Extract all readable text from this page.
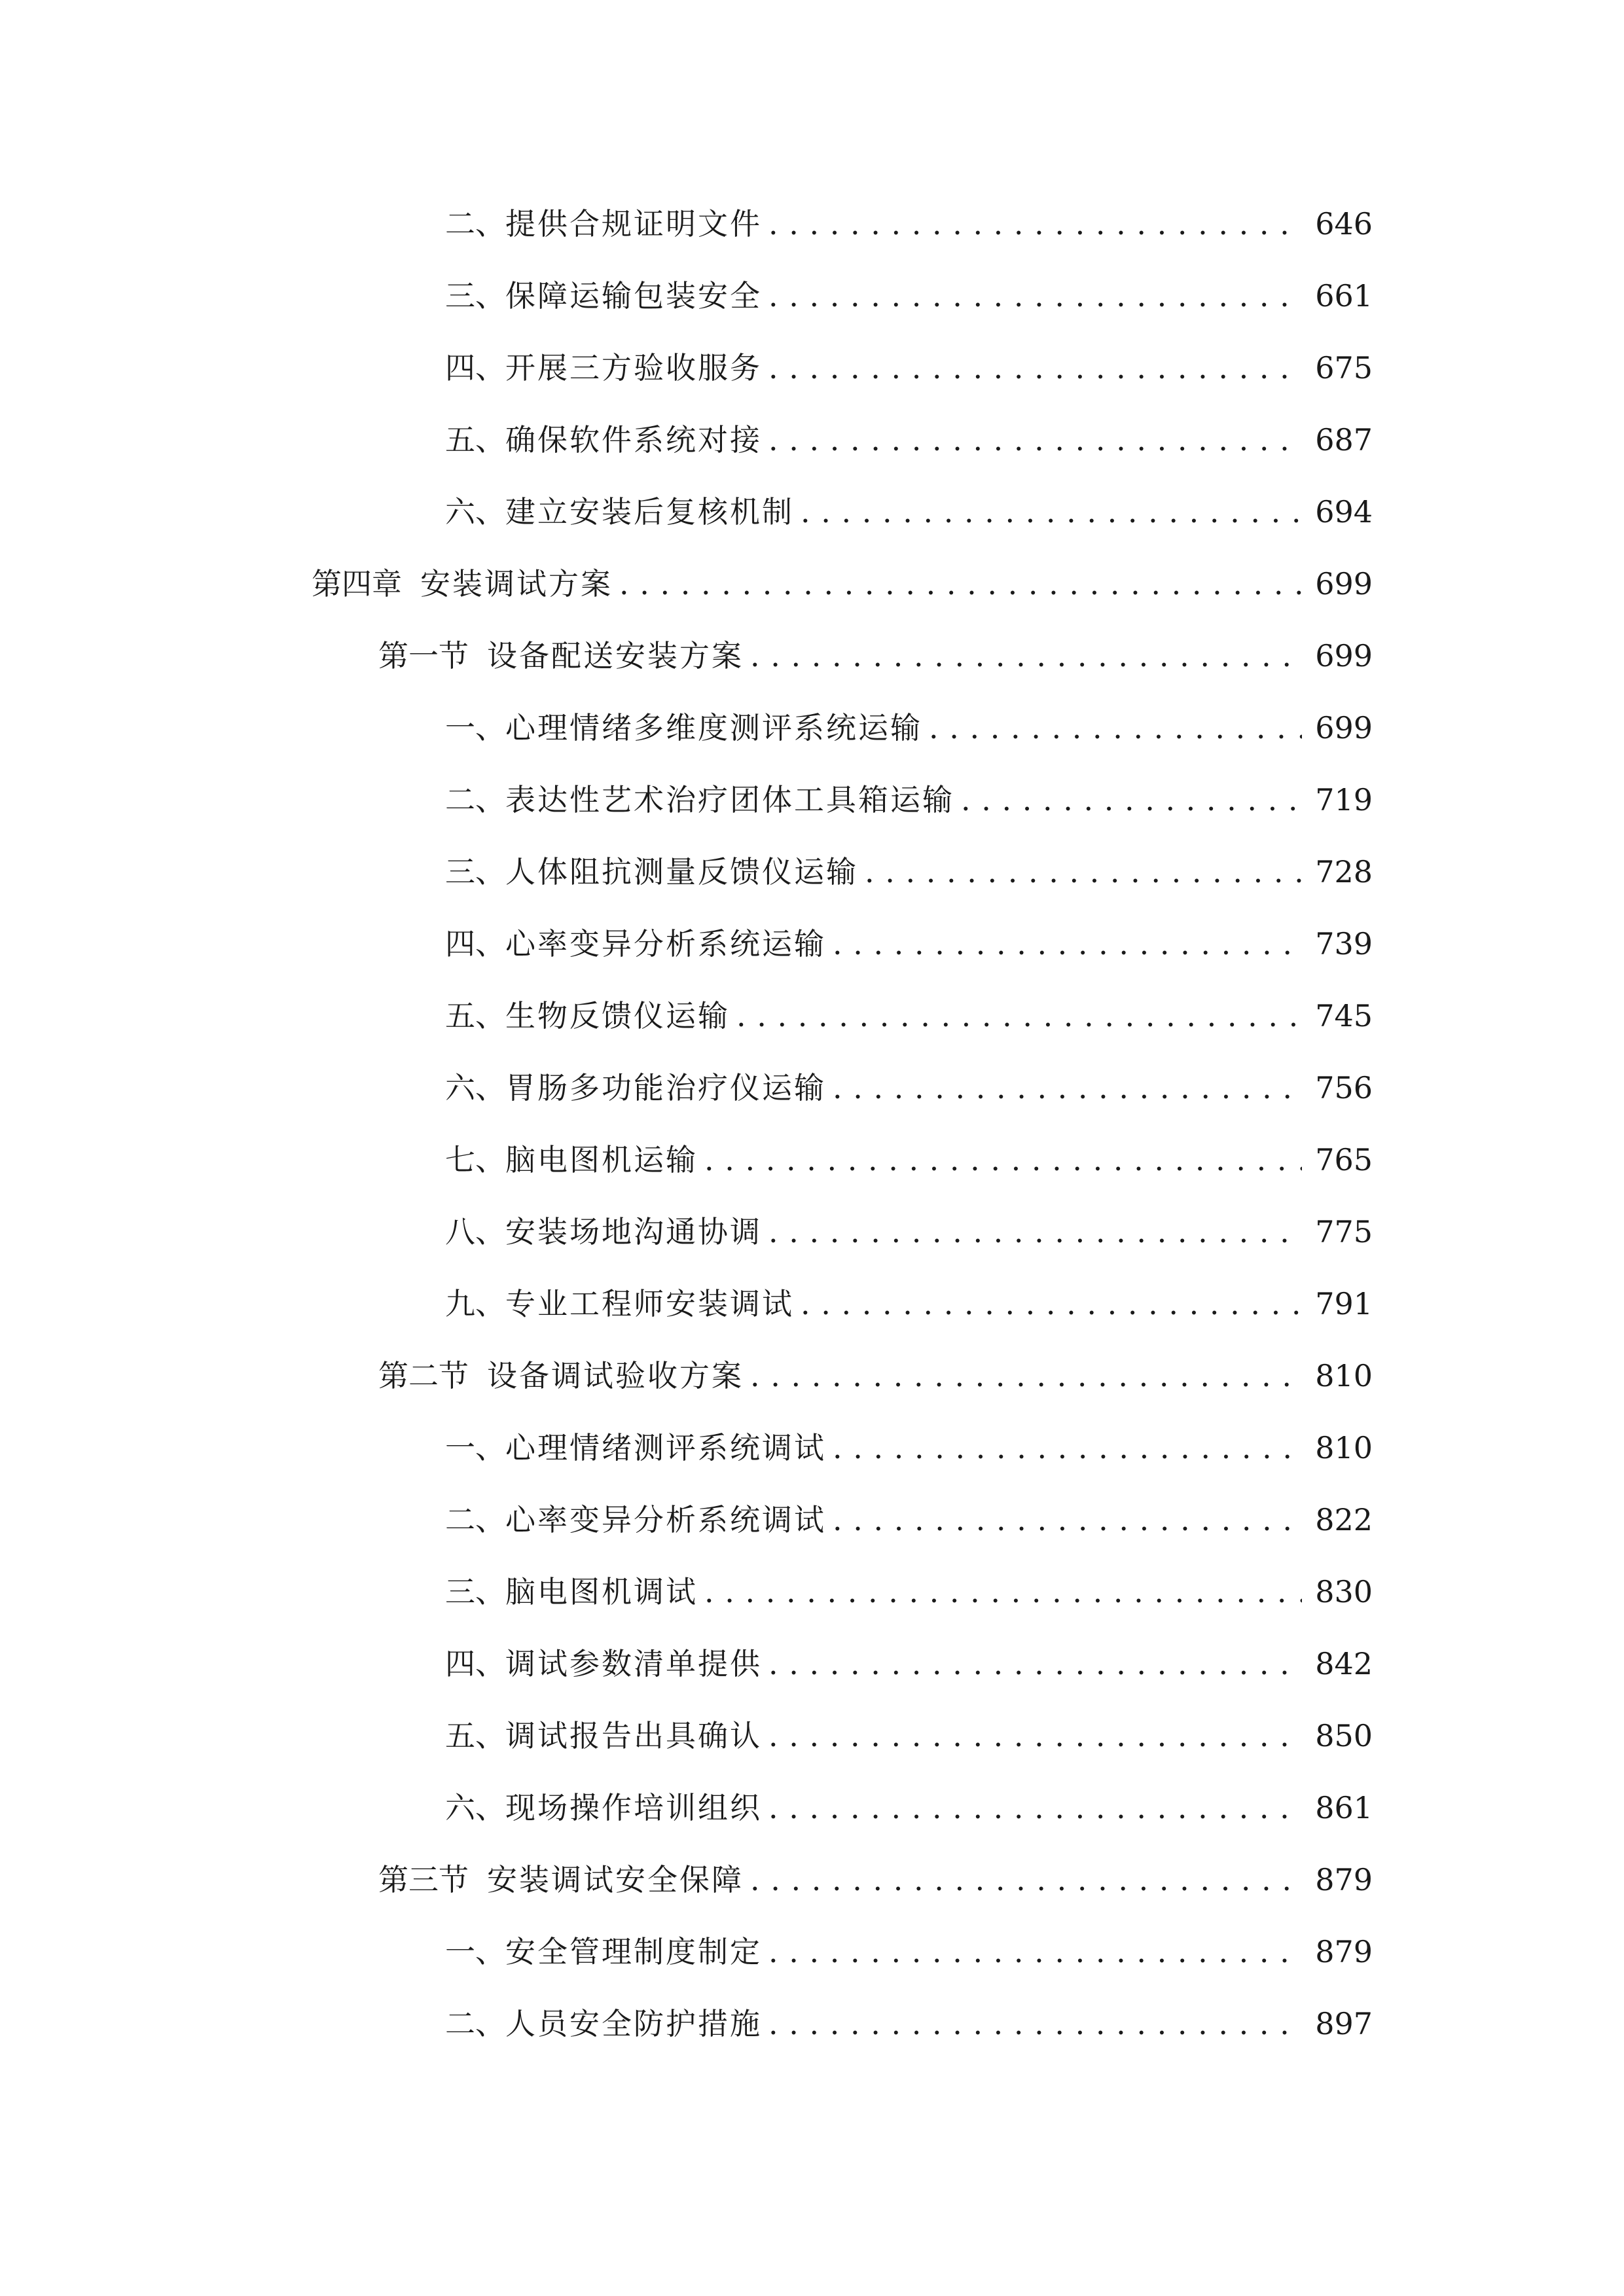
二、 提供合规证明文件 . . .	646
三、 保障运输包装安全 . . .	661
四、 开展三方验收服务 . . .	675
五、 确保软件系统对接 . . .	687
六、 建立安装后复核机制 . . .	694
第四章 安装调试方案 . . .	699
第一节 设备配送安装方案 . . .	699
一、 心理情绪多维度测评系统运输 . . .	699
二、 表达性艺术治疗团体工具箱运输 . . .	719
三、 人体阻抗测量反馈仪运输 . . .	728
四、 心率变异分析系统运输 . . .	739
五、 生物反馈仪运输 . . .	745
六、 胃肠多功能治疗仪运输 . . .	756
七、 脑电图机运输 . . .	765
八、 安装场地沟通协调 . . .	775
九、 专业工程师安装调试 . . .	791
第二节 设备调试验收方案 . . .	810
一、 心理情绪测评系统调试 . . .	810
二、 心率变异分析系统调试 . . .	822
三、 脑电图机调试 . . .	830
四、 调试参数清单提供 . . .	842
五、 调试报告出具确认 . . .	850
六、 现场操作培训组织 . . .	861
第三节 安装调试安全保障 . . .	879
一、 安全管理制度制定 . . .	879
二、 人员安全防护措施 . . .	897
